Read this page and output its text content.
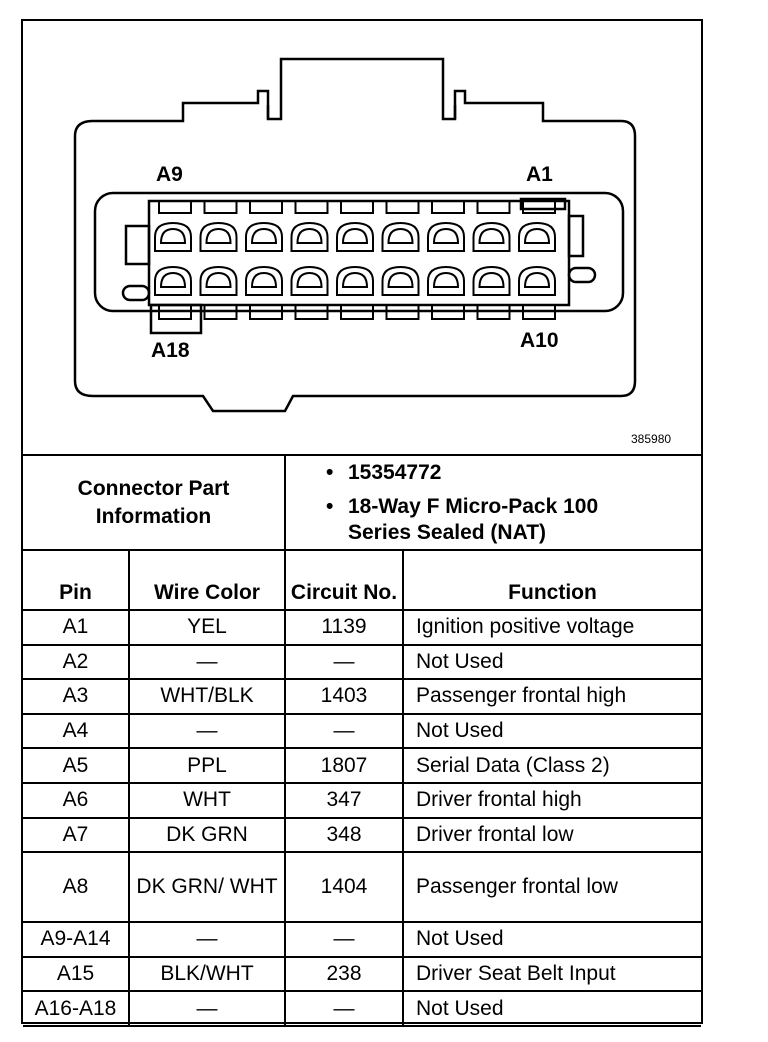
A9	A1
A18	A10
385980
Connector Part Information		• 15354772
• 18-Way F Micro-Pack 100 Series Sealed (NAT)	

Pin	Wire Color	Circuit No.	Function
A1	YEL	1139	Ignition positive voltage
A2	—	—	Not Used
A3	WHT/BLK	1403	Passenger frontal high
A4	—	—	Not Used
A5	PPL	1807	Serial Data (Class 2)
A6	WHT	347	Driver frontal high
A7	DK GRN	348	Driver frontal low
A8	DK GRN/ WHT	1404	Passenger frontal low
A9-A14	—	—	Not Used
A15	BLK/WHT	238	Driver Seat Belt Input
A16-A18	—	—	Not Used
